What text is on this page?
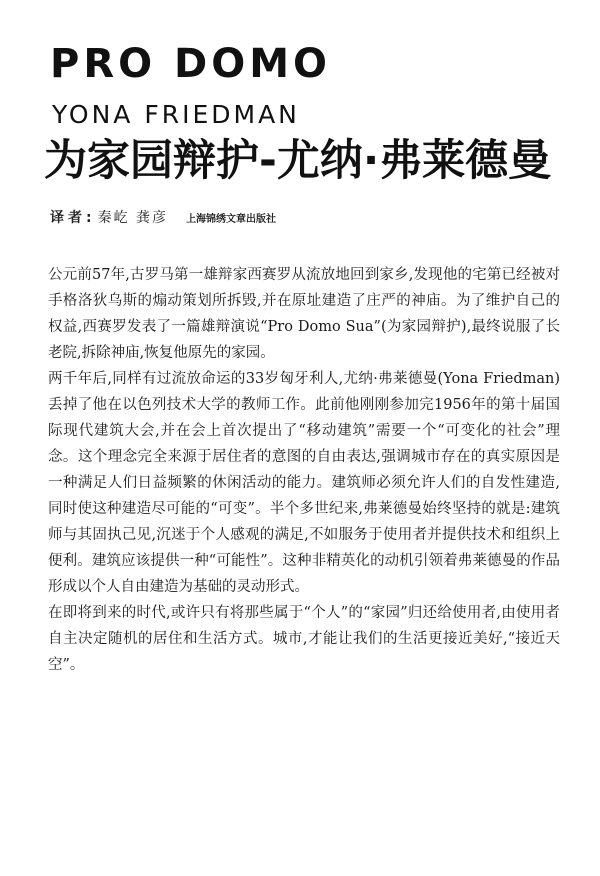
PRO DOMO
YONA FRIEDMAN
为家园辩护-尤纳·弗莱德曼
译者: 秦屹 龚彦 上海锦绣文章出版社

公元前57年,古罗马第一雄辩家西赛罗从流放地回到家乡,发现他的宅第已经被对手格洛狄乌斯的煽动策划所拆毁,并在原址建造了庄严的神庙。为了维护自己的权益,西赛罗发表了一篇雄辩演说“Pro Domo Sua”(为家园辩护),最终说服了长老院,拆除神庙,恢复他原先的家园。

两千年后,同样有过流放命运的33岁匈牙利人,尤纳·弗莱德曼(Yona Friedman)丢掉了他在以色列技术大学的教师工作。此前他刚刚参加完1956年的第十届国际现代建筑大会,并在会上首次提出了“移动建筑”需要一个“可变化的社会”理念。这个理念完全来源于居住者的意图的自由表达,强调城市存在的真实原因是一种满足人们日益频繁的休闲活动的能力。建筑师必须允许人们的自发性建造,同时使这种建造尽可能的“可变”。半个多世纪来,弗莱德曼始终坚持的就是:建筑师与其固执己见,沉迷于个人感观的满足,不如服务于使用者并提供技术和组织上便利。建筑应该提供一种“可能性”。这种非精英化的动机引领着弗莱德曼的作品形成以个人自由建造为基础的灵动形式。

在即将到来的时代,或许只有将那些属于“个人”的“家园”归还给使用者,由使用者自主决定随机的居住和生活方式。城市,才能让我们的生活更接近美好,“接近天空”。
